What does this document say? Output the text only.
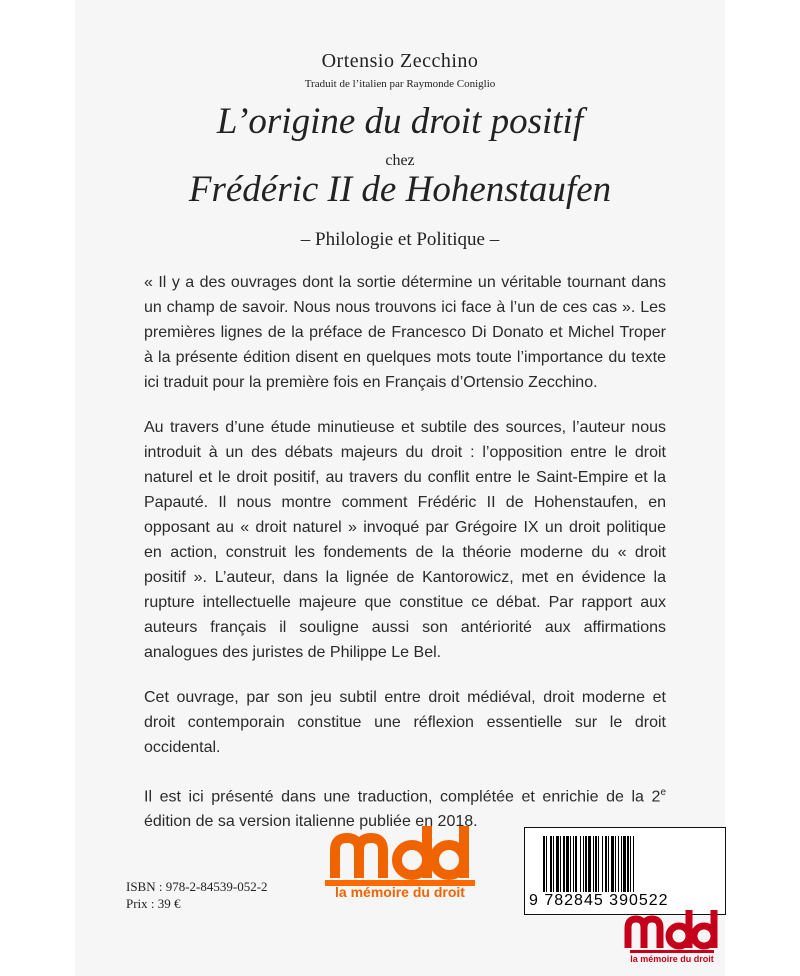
Ortensio Zecchino
Traduit de l’italien par Raymonde Coniglio
L’origine du droit positif
chez
Frédéric II de Hohenstaufen
– Philologie et Politique –

« Il y a des ouvrages dont la sortie détermine un véritable tournant dans un champ de savoir. Nous nous trouvons ici face à l’un de ces cas ». Les premières lignes de la préface de Francesco Di Donato et Michel Troper à la présente édition disent en quelques mots toute l’importance du texte ici traduit pour la première fois en Français d’Ortensio Zecchino.

Au travers d’une étude minutieuse et subtile des sources, l’auteur nous introduit à un des débats majeurs du droit : l’opposition entre le droit naturel et le droit positif, au travers du conflit entre le Saint-Empire et la Papauté. Il nous montre comment Frédéric II de Hohenstaufen, en opposant au « droit naturel » invoqué par Grégoire IX un droit politique en action, construit les fondements de la théorie moderne du « droit positif ». L’auteur, dans la lignée de Kantorowicz, met en évidence la rupture intellectuelle majeure que constitue ce débat. Par rapport aux auteurs français il souligne aussi son antériorité aux affirmations analogues des juristes de Philippe Le Bel.

Cet ouvrage, par son jeu subtil entre droit médiéval, droit moderne et droit contemporain constitue une réflexion essentielle sur le droit occidental.

Il est ici présenté dans une traduction, complétée et enrichie de la 2e édition de sa version italienne publiée en 2018.

ISBN : 978-2-84539-052-2
Prix : 39 €
la mémoire du droit	9 782845 390522
la mémoire du droit
